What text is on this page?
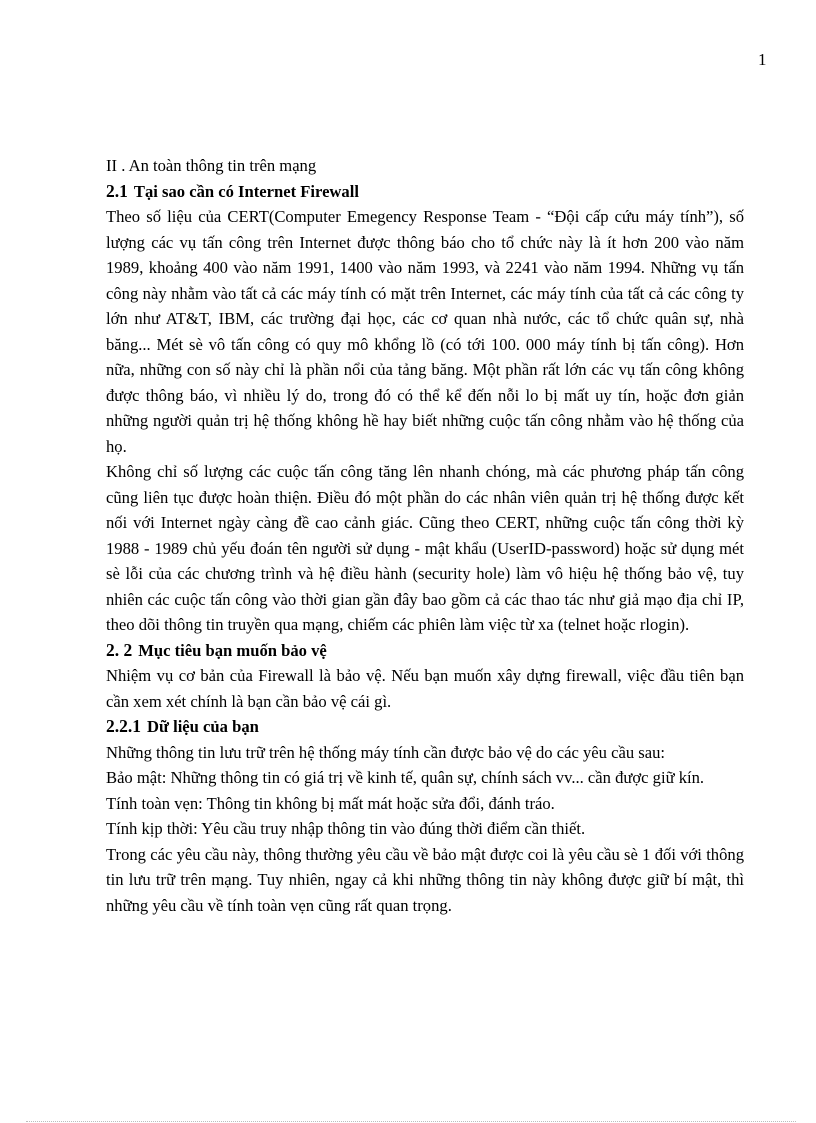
1

II . An toàn thông tin trên mạng

2.1 Tại sao cần có Internet Firewall

Theo số liệu của CERT(Computer Emegency Response Team - “Đội cấp cứu máy tính”), số lượng các vụ tấn công trên Internet được thông báo cho tổ chức này là ít hơn 200 vào năm 1989, khoảng 400 vào năm 1991, 1400 vào năm 1993, và 2241 vào năm 1994. Những vụ tấn công này nhằm vào tất cả các máy tính có mặt trên Internet, các máy tính của tất cả các công ty lớn như AT&T, IBM, các trường đại học, các cơ quan nhà nước, các tổ chức quân sự, nhà băng... Mét sè vô tấn công có quy mô khổng lồ (có tới 100. 000 máy tính bị tấn công). Hơn nữa, những con số này chỉ là phần nổi của tảng băng. Một phần rất lớn các vụ tấn công không được thông báo, vì nhiều lý do, trong đó có thể kể đến nỗi lo bị mất uy tín, hoặc đơn giản những người quản trị hệ thống không hề hay biết những cuộc tấn công nhằm vào hệ thống của họ.

Không chỉ số lượng các cuộc tấn công tăng lên nhanh chóng, mà các phương pháp tấn công cũng liên tục được hoàn thiện. Điều đó một phần do các nhân viên quản trị hệ thống được kết nối với Internet ngày càng đề cao cảnh giác. Cũng theo CERT, những cuộc tấn công thời kỳ 1988 - 1989 chủ yếu đoán tên người sử dụng - mật khẩu (UserID-password) hoặc sử dụng mét sè lỗi của các chương trình và hệ điều hành (security hole) làm vô hiệu hệ thống bảo vệ, tuy nhiên các cuộc tấn công vào thời gian gần đây bao gồm cả các thao tác như giả mạo địa chỉ IP, theo dõi thông tin truyền qua mạng, chiếm các phiên làm việc từ xa (telnet hoặc rlogin).

2. 2 Mục tiêu bạn muốn bảo vệ

Nhiệm vụ cơ bản của Firewall là bảo vệ. Nếu bạn muốn xây dựng firewall, việc đầu tiên bạn cần xem xét chính là bạn cần bảo vệ cái gì.

2.2.1 Dữ liệu của bạn

Những thông tin lưu trữ trên hệ thống máy tính cần được bảo vệ do các yêu cầu sau:

Bảo mật: Những thông tin có giá trị về kinh tế, quân sự, chính sách vv... cần được giữ kín.

Tính toàn vẹn: Thông tin không bị mất mát hoặc sửa đổi, đánh tráo.

Tính kịp thời: Yêu cầu truy nhập thông tin vào đúng thời điểm cần thiết.

Trong các yêu cầu này, thông thường yêu cầu về bảo mật được coi là yêu cầu sè 1 đối với thông tin lưu trữ trên mạng. Tuy nhiên, ngay cả khi những thông tin này không được giữ bí mật, thì những yêu cầu về tính toàn vẹn cũng rất quan trọng.
